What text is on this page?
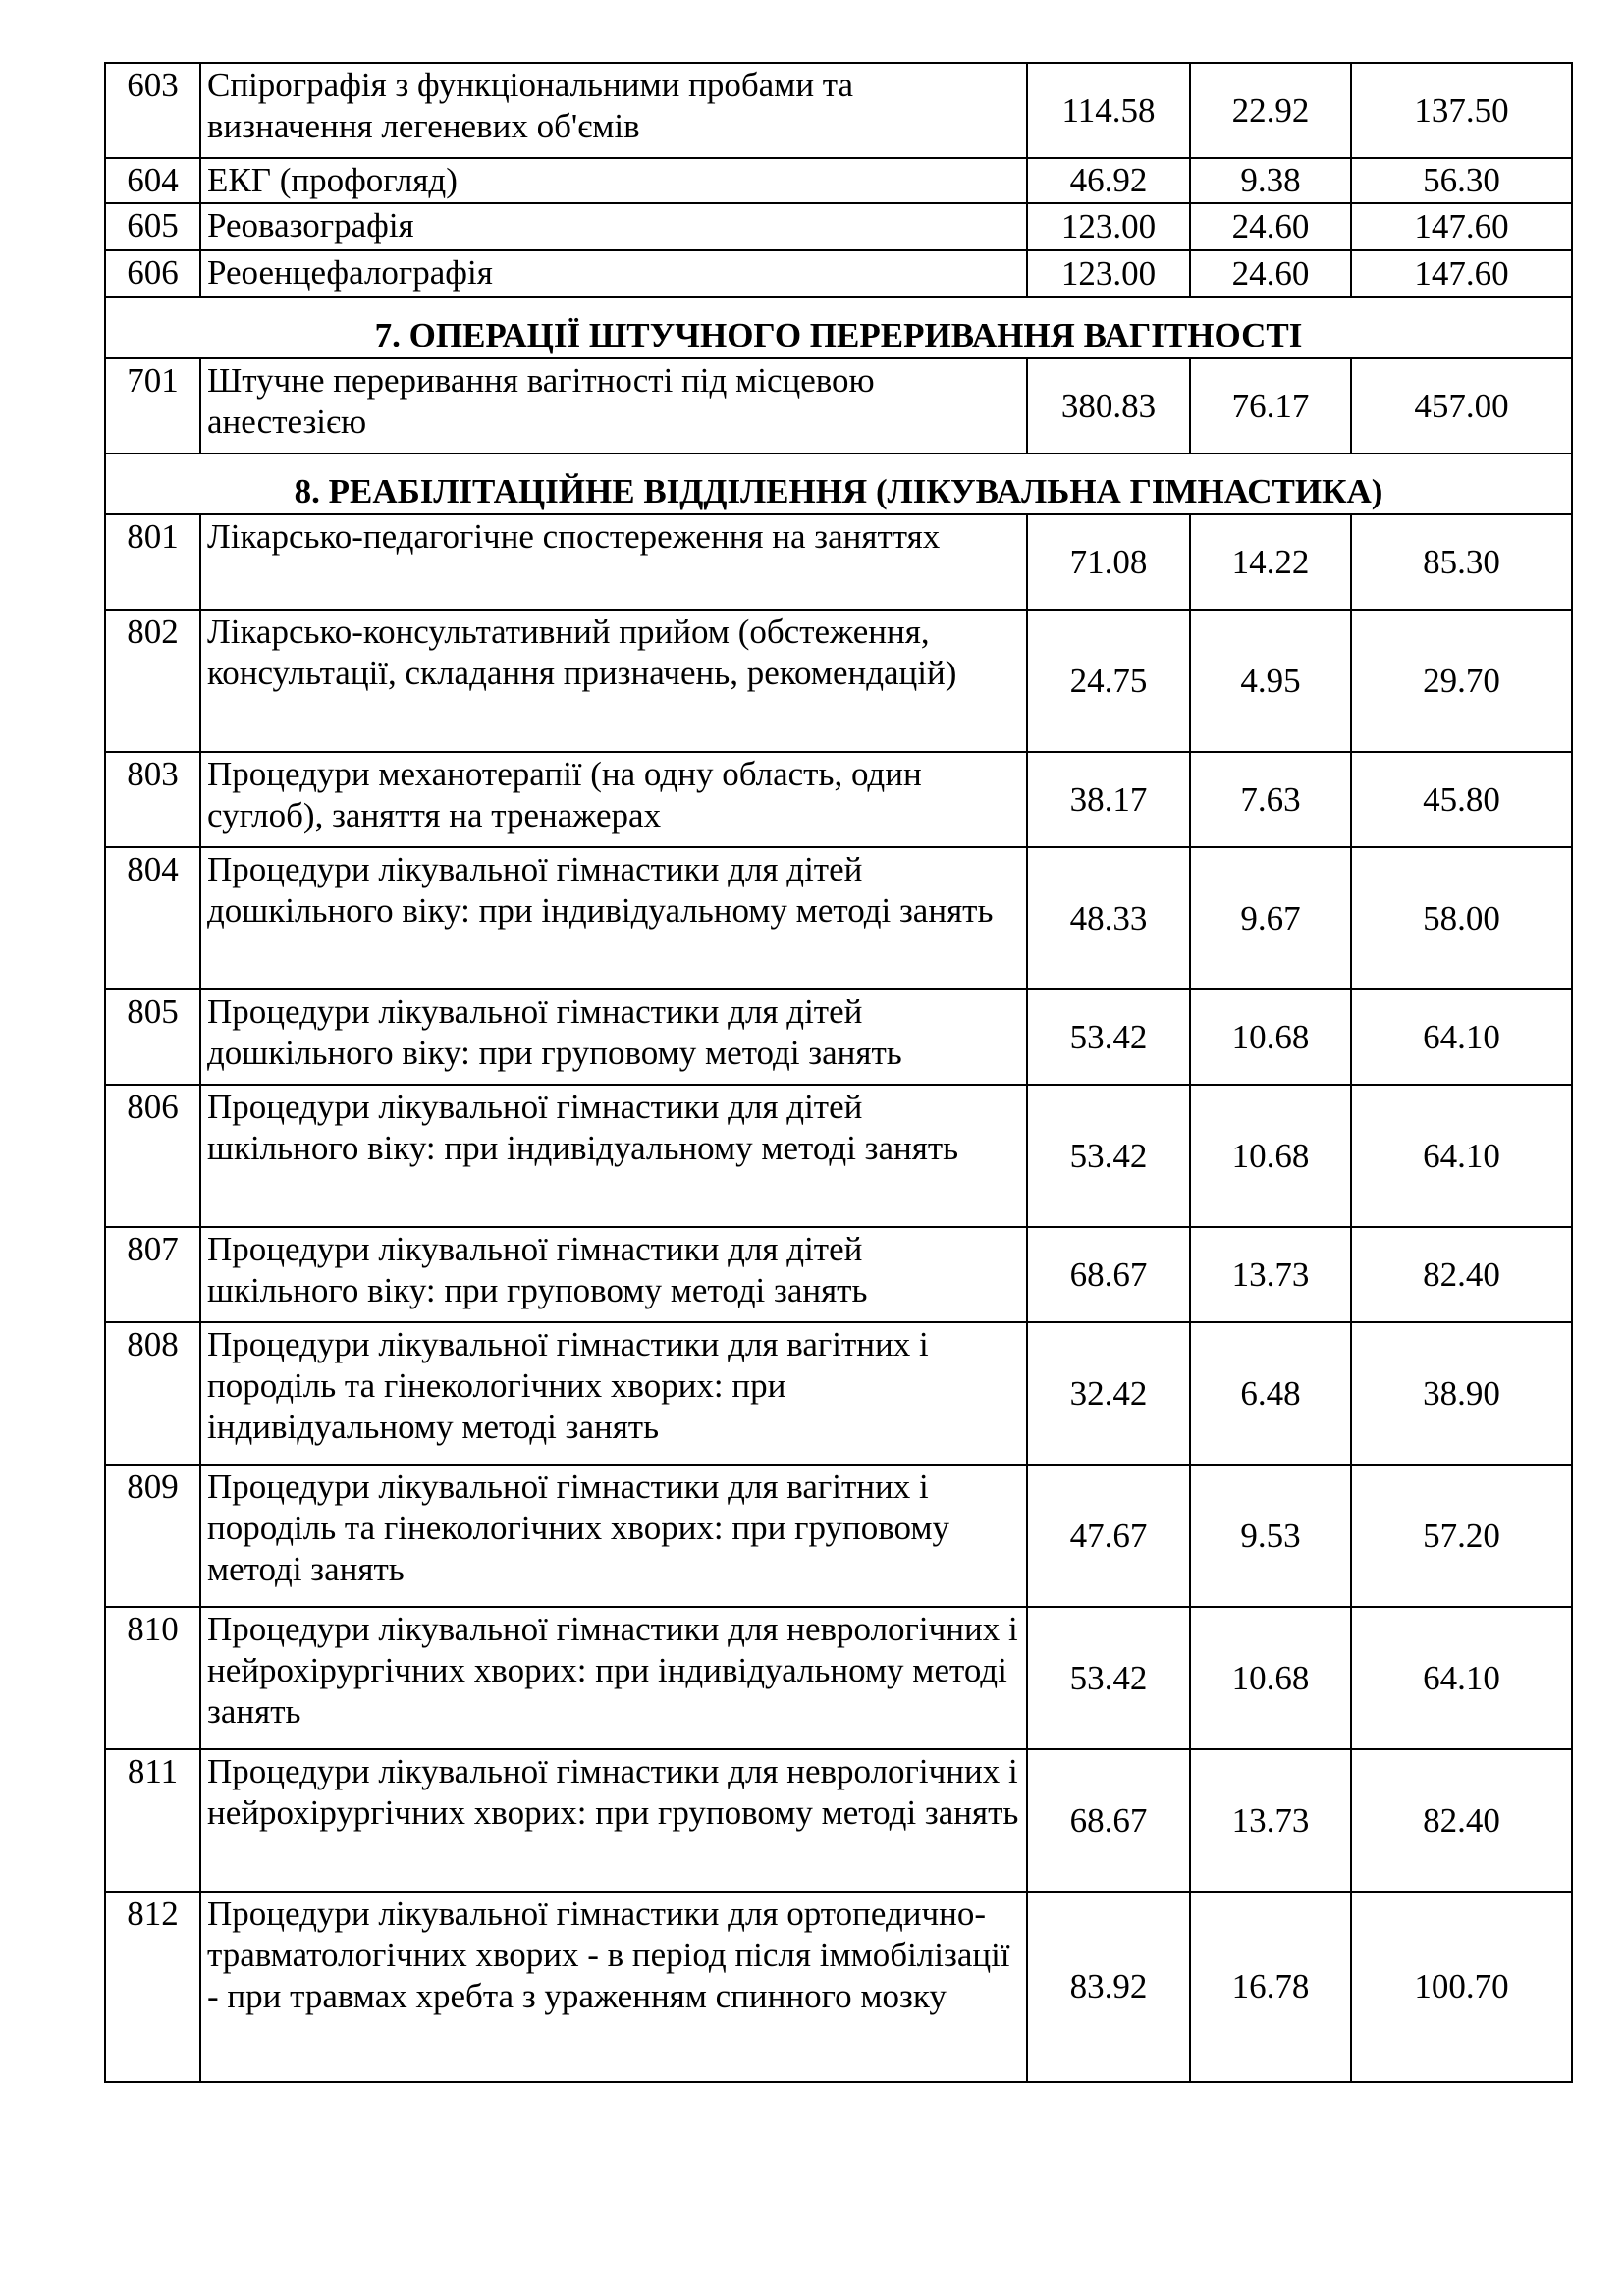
603	Спірографія з функціональними пробами та визначення легеневих об'ємів	114.58	22.92	137.50
604	ЕКГ (профогляд)	46.92	9.38	56.30
605	Реовазографія	123.00	24.60	147.60
606	Реоенцефалографія	123.00	24.60	147.60
7. ОПЕРАЦІЇ ШТУЧНОГО ПЕРЕРИВАННЯ ВАГІТНОСТІ				
701	Штучне переривання вагітності під місцевою анестезією	380.83	76.17	457.00
8. РЕАБІЛІТАЦІЙНЕ ВІДДІЛЕННЯ (ЛІКУВАЛЬНА ГІМНАСТИКА)				
801	Лікарсько-педагогічне спостереження на заняттях	71.08	14.22	85.30
802	Лікарсько-консультативний прийом (обстеження, консультації, складання призначень, рекомендацій)	24.75	4.95	29.70
803	Процедури механотерапії (на одну область, один суглоб), заняття на тренажерах	38.17	7.63	45.80
804	Процедури лікувальної гімнастики для дітей дошкільного віку: при індивідуальному методі занять	48.33	9.67	58.00
805	Процедури лікувальної гімнастики для дітей дошкільного віку: при груповому методі занять	53.42	10.68	64.10
806	Процедури лікувальної гімнастики для дітей шкільного віку: при індивідуальному методі занять	53.42	10.68	64.10
807	Процедури лікувальної гімнастики для дітей шкільного віку: при груповому методі занять	68.67	13.73	82.40
808	Процедури лікувальної гімнастики для вагітних і породіль та гінекологічних хворих: при індивідуальному методі занять	32.42	6.48	38.90
809	Процедури лікувальної гімнастики для вагітних і породіль та гінекологічних хворих: при груповому методі занять	47.67	9.53	57.20
810	Процедури лікувальної гімнастики для неврологічних і нейрохірургічних хворих: при індивідуальному методі занять	53.42	10.68	64.10
811	Процедури лікувальної гімнастики для неврологічних і нейрохірургічних хворих: при груповому методі занять	68.67	13.73	82.40
812	Процедури лікувальної гімнастики для ортопедично-травматологічних хворих - в період після іммобілізації - при травмах хребта з ураженням спинного мозку	83.92	16.78	100.70
